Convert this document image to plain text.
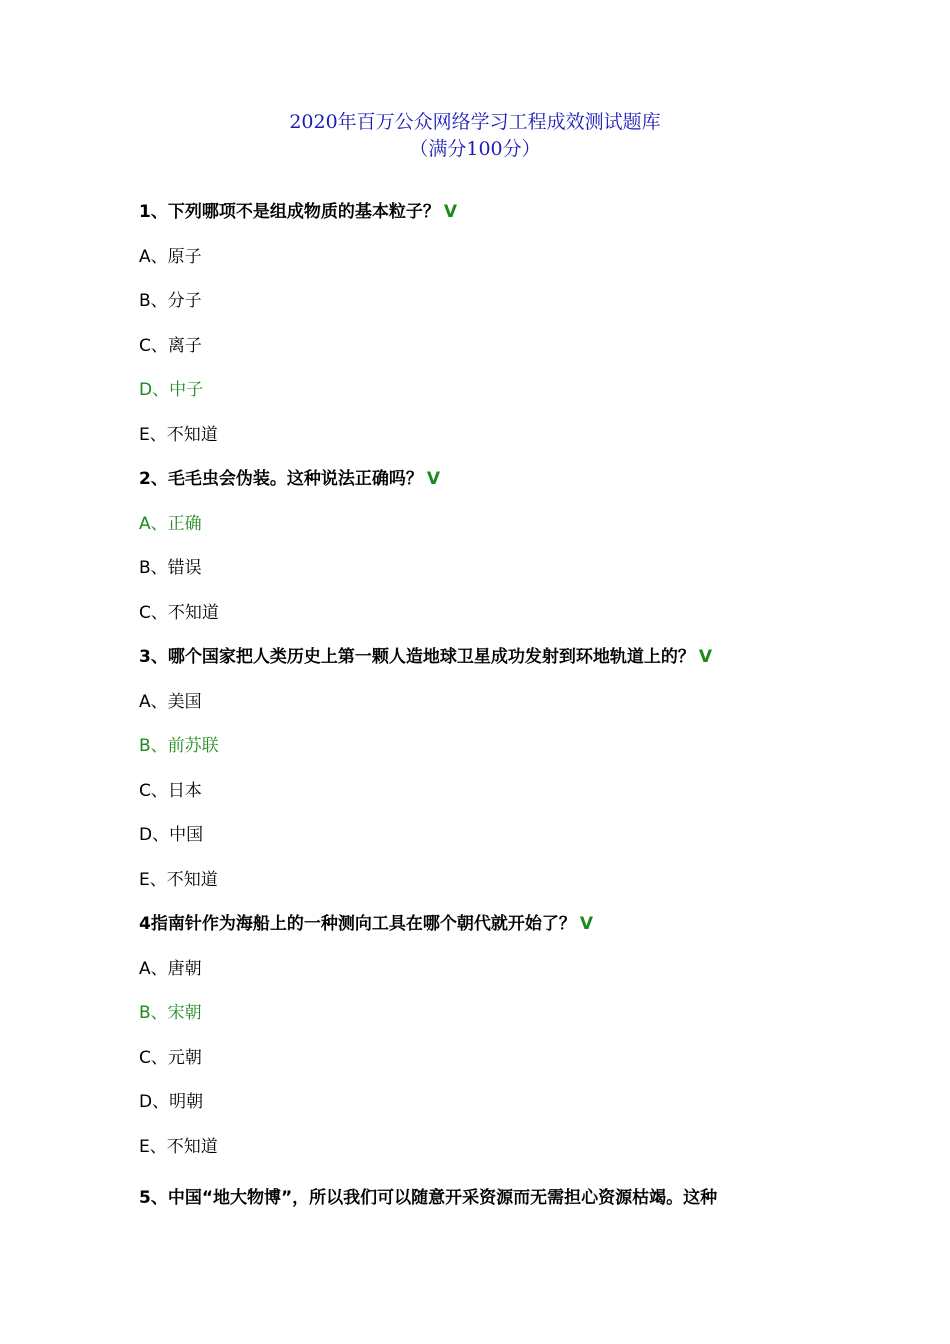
2020年百万公众网络学习工程成效测试题库
（满分100分）
1、下列哪项不是组成物质的基本粒子？ V
A、原子
B、分子
C、离子
D、中子
E、不知道
2、毛毛虫会伪装。这种说法正确吗？ V
A、正确
B、错误
C、不知道
3、哪个国家把人类历史上第一颗人造地球卫星成功发射到环地轨道上的？ V
A、美国
B、前苏联
C、日本
D、中国
E、不知道
4指南针作为海船上的一种测向工具在哪个朝代就开始了？ V
A、唐朝
B、宋朝
C、元朝
D、明朝
E、不知道
5、中国“地大物博”，所以我们可以随意开采资源而无需担心资源枯竭。这种
